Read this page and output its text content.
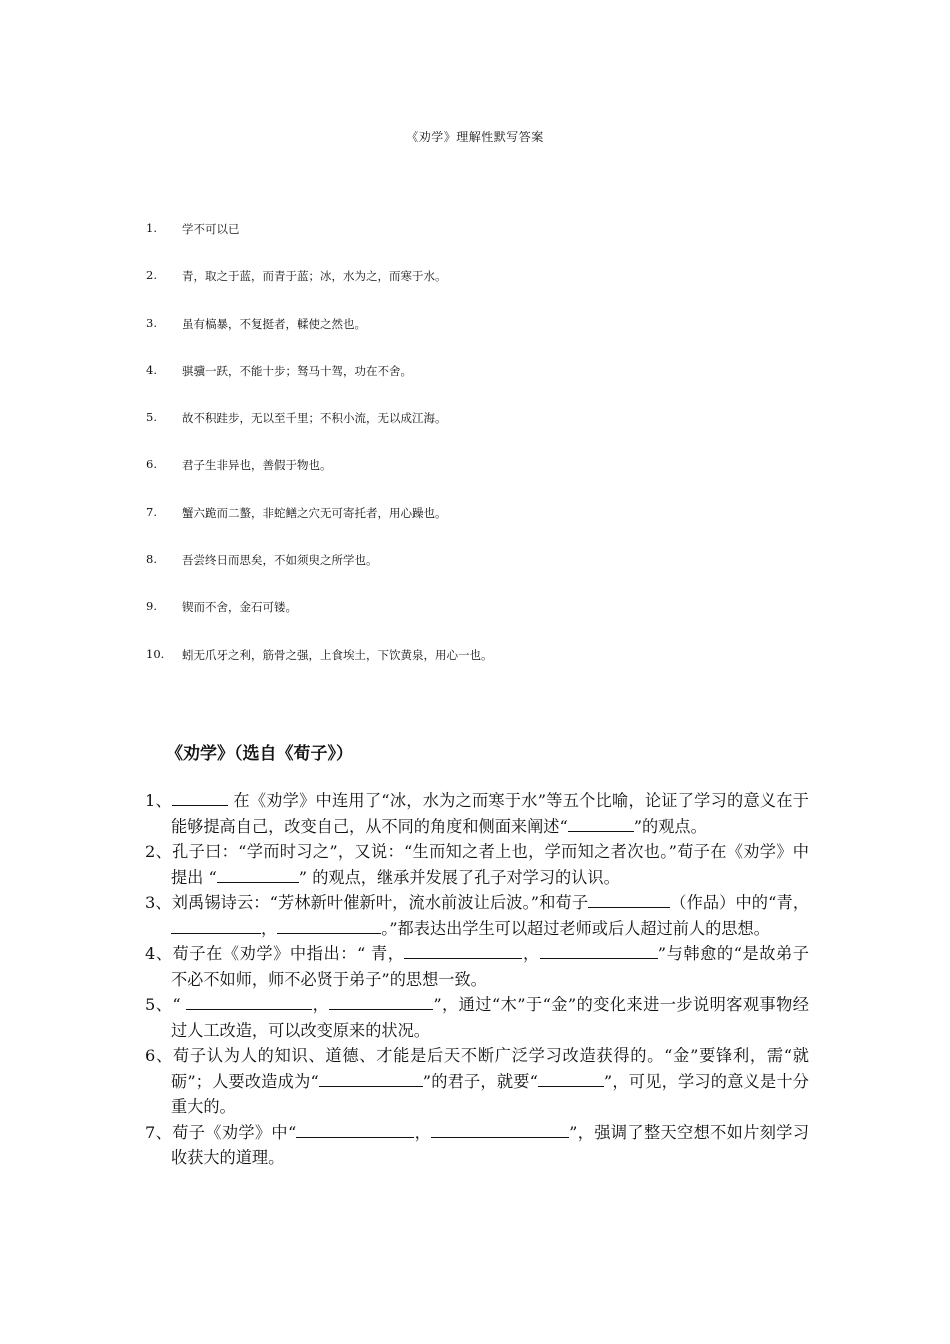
《劝学》理解性默写答案
1.	学不可以已
2.	青，取之于蓝，而青于蓝；冰，水为之，而寒于水。
3.	虽有槁暴，不复挺者，輮使之然也。
4.	骐骥一跃，不能十步；驽马十驾，功在不舍。
5.	故不积跬步，无以至千里；不积小流，无以成江海。
6.	君子生非异也，善假于物也。
7.	蟹六跪而二螯，非蛇鳝之穴无可寄托者，用心躁也。
8.	吾尝终日而思矣，不如须臾之所学也。
9.	锲而不舍，金石可镂。
10.	蚓无爪牙之利，筋骨之强，上食埃土，下饮黄泉，用心一也。
《劝学》（选自《荀子》）
1、	在《劝学》中连用了“冰，水为之而寒于水”等五个比喻，论证了学习的意义在于能够提高自己，改变自己，从不同的角度和侧面来阐述“	”的观点。
2、孔子曰：“学而时习之”，又说：“生而知之者上也，学而知之者次也。”荀子在《劝学》中提出 “	” 的观点，继承并发展了孔子对学习的认识。
3、刘禹锡诗云：“芳林新叶催新叶，流水前波让后波。”和荀子	（作品）中的“青，，	。”都表达出学生可以超过老师或后人超过前人的思想。
4、荀子在《劝学》中指出：“ 青，	，	”与韩愈的“是故弟子不必不如师，师不必贤于弟子”的思想一致。
5、“	，	”，通过“木”于“金”的变化来进一步说明客观事物经过人工改造，可以改变原来的状况。
6、荀子认为人的知识、道德、才能是后天不断广泛学习改造获得的。“金”要锋利，需“就砺”；人要改造成为“	”的君子，就要“	”，可见，学习的意义是十分重大的。
7、荀子《劝学》中“	，	”，强调了整天空想不如片刻学习收获大的道理。
